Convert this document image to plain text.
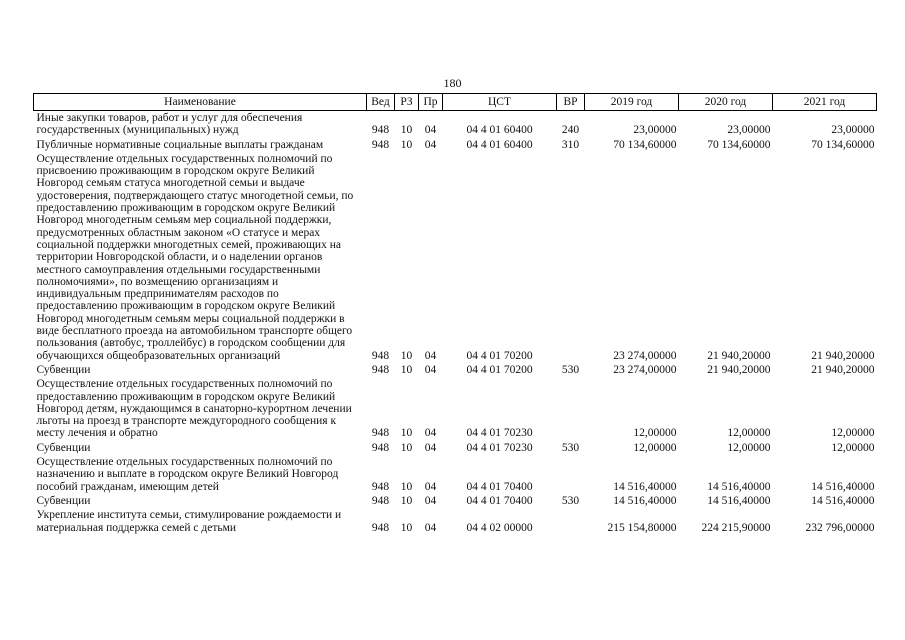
180
Наименование	Вед	РЗ	Пр	ЦСТ	ВР	2019 год	2020 год	2021 год
Иные закупки товаров, работ и услуг для обеспечения государственных (муниципальных) нужд	948	10	04	04 4 01 60400	240	23,00000	23,00000	23,00000
Публичные нормативные социальные выплаты гражданам	948	10	04	04 4 01 60400	310	70 134,60000	70 134,60000	70 134,60000
Осуществление отдельных государственных полномочий по присвоению проживающим в городском округе Великий Новгород семьям статуса многодетной семьи и выдаче удостоверения, подтверждающего статус многодетной семьи, по предоставлению проживающим в городском округе Великий Новгород многодетным семьям мер социальной поддержки, предусмотренных областным законом «О статусе и мерах социальной поддержки многодетных семей, проживающих на территории Новгородской области, и о наделении органов местного самоуправления отдельными государственными полномочиями», по возмещению организациям и индивидуальным предпринимателям расходов по предоставлению проживающим в городском округе Великий Новгород многодетным семьям меры социальной поддержки в виде бесплатного проезда на автомобильном транспорте общего пользования (автобус, троллейбус) в городском сообщении для обучающихся общеобразовательных организаций	948	10	04	04 4 01 70200		23 274,00000	21 940,20000	21 940,20000
Субвенции	948	10	04	04 4 01 70200	530	23 274,00000	21 940,20000	21 940,20000
Осуществление отдельных государственных полномочий по предоставлению проживающим в городском округе Великий Новгород детям, нуждающимся в санаторно-курортном лечении льготы на проезд в транспорте междугородного сообщения к месту лечения и обратно	948	10	04	04 4 01 70230		12,00000	12,00000	12,00000
Субвенции	948	10	04	04 4 01 70230	530	12,00000	12,00000	12,00000
Осуществление отдельных государственных полномочий по назначению и выплате в городском округе Великий Новгород пособий гражданам, имеющим детей	948	10	04	04 4 01 70400		14 516,40000	14 516,40000	14 516,40000
Субвенции	948	10	04	04 4 01 70400	530	14 516,40000	14 516,40000	14 516,40000
Укрепление института семьи, стимулирование рождаемости и материальная поддержка семей с детьми	948	10	04	04 4 02 00000		215 154,80000	224 215,90000	232 796,00000
